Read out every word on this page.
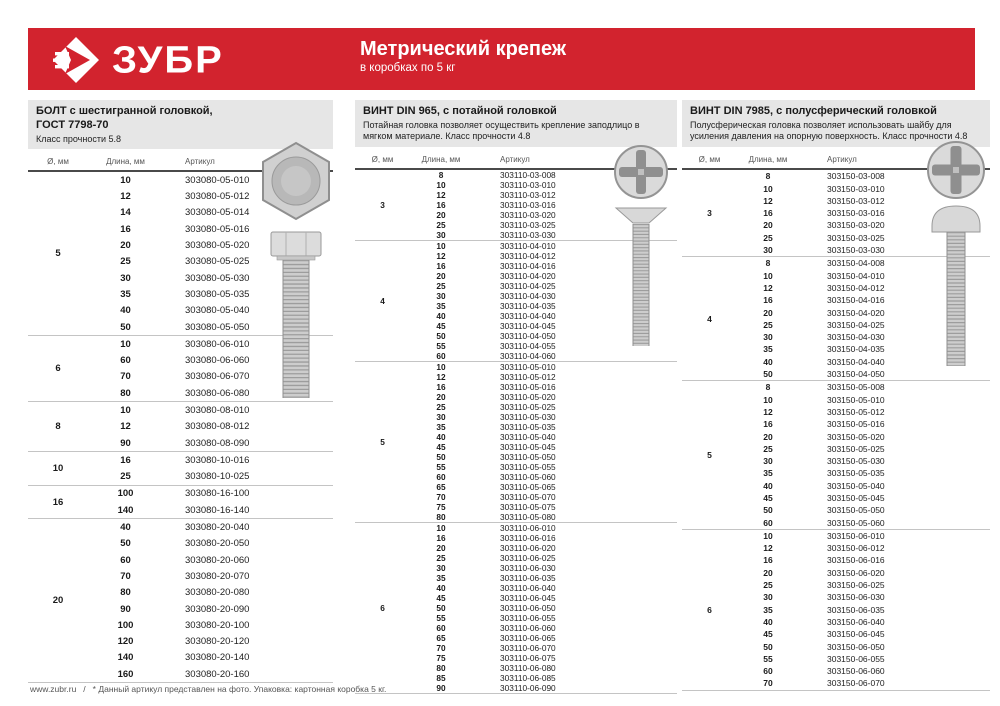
ЗУБР	Метрический крепеж
в коробках по 5 кг
БОЛТ с шестигранной головкой,
ГОСТ 7798-70
Класс прочности 5.8
Ø, мм	Длина, мм	Артикул
5
10	303080-05-010
12	303080-05-012
14	303080-05-014
16	303080-05-016
20	303080-05-020
25	303080-05-025
30	303080-05-030
35	303080-05-035
40	303080-05-040
50	303080-05-050
6
10	303080-06-010
60	303080-06-060
70	303080-06-070
80	303080-06-080
8
10	303080-08-010
12	303080-08-012
90	303080-08-090
10
16	303080-10-016
25	303080-10-025
16
100	303080-16-100
140	303080-16-140
20
40	303080-20-040
50	303080-20-050
60	303080-20-060
70	303080-20-070
80	303080-20-080
90	303080-20-090
100	303080-20-100
120	303080-20-120
140	303080-20-140
160	303080-20-160
ВИНТ DIN 965, с потайной головкой
Потайная головка позволяет осуществить крепление заподлицо в мягком материале. Класс прочности 4.8
Ø, мм	Длина, мм	Артикул
3
8	303110-03-008
10	303110-03-010
12	303110-03-012
16	303110-03-016
20	303110-03-020
25	303110-03-025
30	303110-03-030
4
10	303110-04-010
12	303110-04-012
16	303110-04-016
20	303110-04-020
25	303110-04-025
30	303110-04-030
35	303110-04-035
40	303110-04-040
45	303110-04-045
50	303110-04-050
55	303110-04-055
60	303110-04-060
5
10	303110-05-010
12	303110-05-012
16	303110-05-016
20	303110-05-020
25	303110-05-025
30	303110-05-030
35	303110-05-035
40	303110-05-040
45	303110-05-045
50	303110-05-050
55	303110-05-055
60	303110-05-060
65	303110-05-065
70	303110-05-070
75	303110-05-075
80	303110-05-080
6
10	303110-06-010
16	303110-06-016
20	303110-06-020
25	303110-06-025
30	303110-06-030
35	303110-06-035
40	303110-06-040
45	303110-06-045
50	303110-06-050
55	303110-06-055
60	303110-06-060
65	303110-06-065
70	303110-06-070
75	303110-06-075
80	303110-06-080
85	303110-06-085
90	303110-06-090
ВИНТ DIN 7985, с полусферический головкой
Полусферическая головка позволяет использовать шайбу для усиления давления на опорную поверхность. Класс прочности 4.8
Ø, мм	Длина, мм	Артикул
3
8	303150-03-008
10	303150-03-010
12	303150-03-012
16	303150-03-016
20	303150-03-020
25	303150-03-025
30	303150-03-030
4
8	303150-04-008
10	303150-04-010
12	303150-04-012
16	303150-04-016
20	303150-04-020
25	303150-04-025
30	303150-04-030
35	303150-04-035
40	303150-04-040
50	303150-04-050
5
8	303150-05-008
10	303150-05-010
12	303150-05-012
16	303150-05-016
20	303150-05-020
25	303150-05-025
30	303150-05-030
35	303150-05-035
40	303150-05-040
45	303150-05-045
50	303150-05-050
60	303150-05-060
6
10	303150-06-010
12	303150-06-012
16	303150-06-016
20	303150-06-020
25	303150-06-025
30	303150-06-030
35	303150-06-035
40	303150-06-040
45	303150-06-045
50	303150-06-050
55	303150-06-055
60	303150-06-060
70	303150-06-070
www.zubr.ru / * Данный артикул представлен на фото. Упаковка: картонная коробка 5 кг.
